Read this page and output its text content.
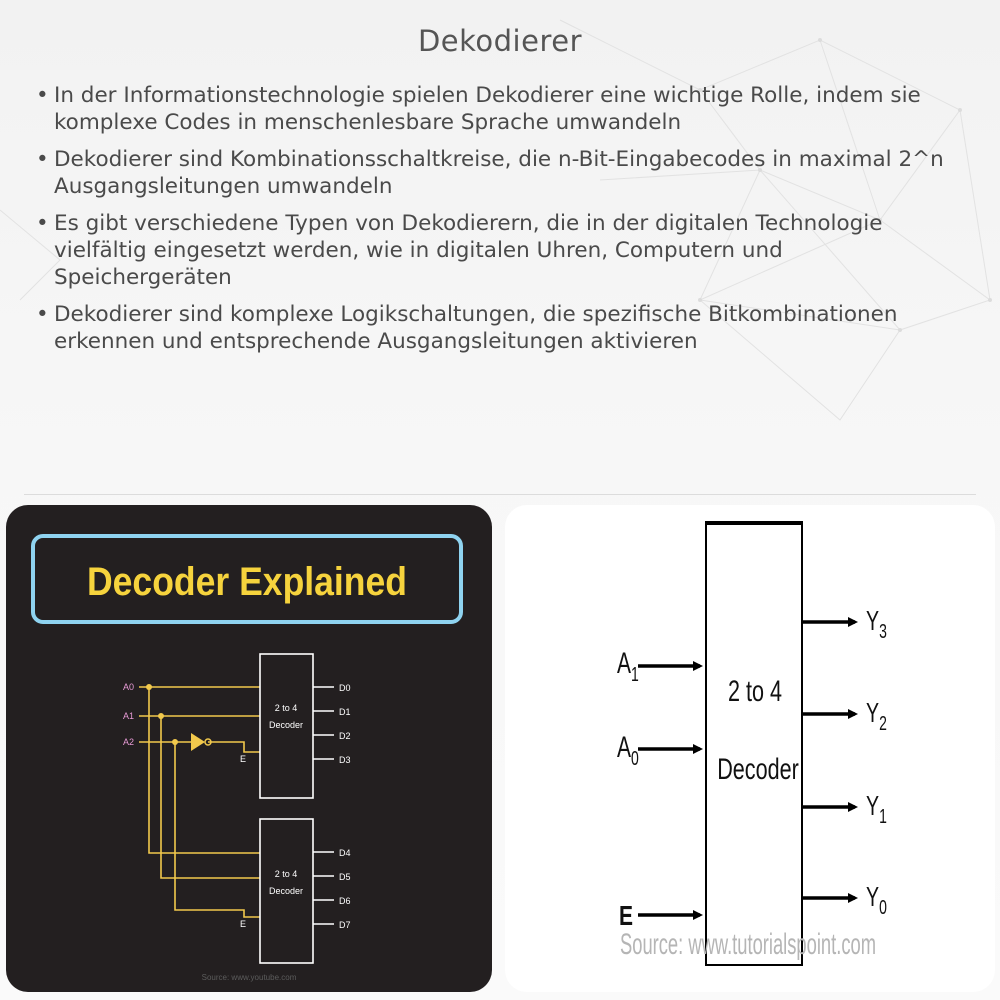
Dekodierer
• In der Informationstechnologie spielen Dekodierer eine wichtige Rolle, indem sie komplexe Codes in menschenlesbare Sprache umwandeln
• Dekodierer sind Kombinationsschaltkreise, die n-Bit-Eingabecodes in maximal 2^n Ausgangsleitungen umwandeln
• Es gibt verschiedene Typen von Dekodierern, die in der digitalen Technologie vielfältig eingesetzt werden, wie in digitalen Uhren, Computern und Speichergeräten
• Dekodierer sind komplexe Logikschaltungen, die spezifische Bitkombinationen erkennen und entsprechende Ausgangsleitungen aktivieren
Decoder Explained
A0
A1
A2
2 to 4
Decoder
E
D0
D1
D2
D3
2 to 4
Decoder
E
D4
D5
D6
D7
Source: www.youtube.com
2 to 4
Decoder
$A_1$
$A_0$
E
$Y_3$
$Y_2$
$Y_1$
$Y_0$
Source: www.tutorialspoint.com
